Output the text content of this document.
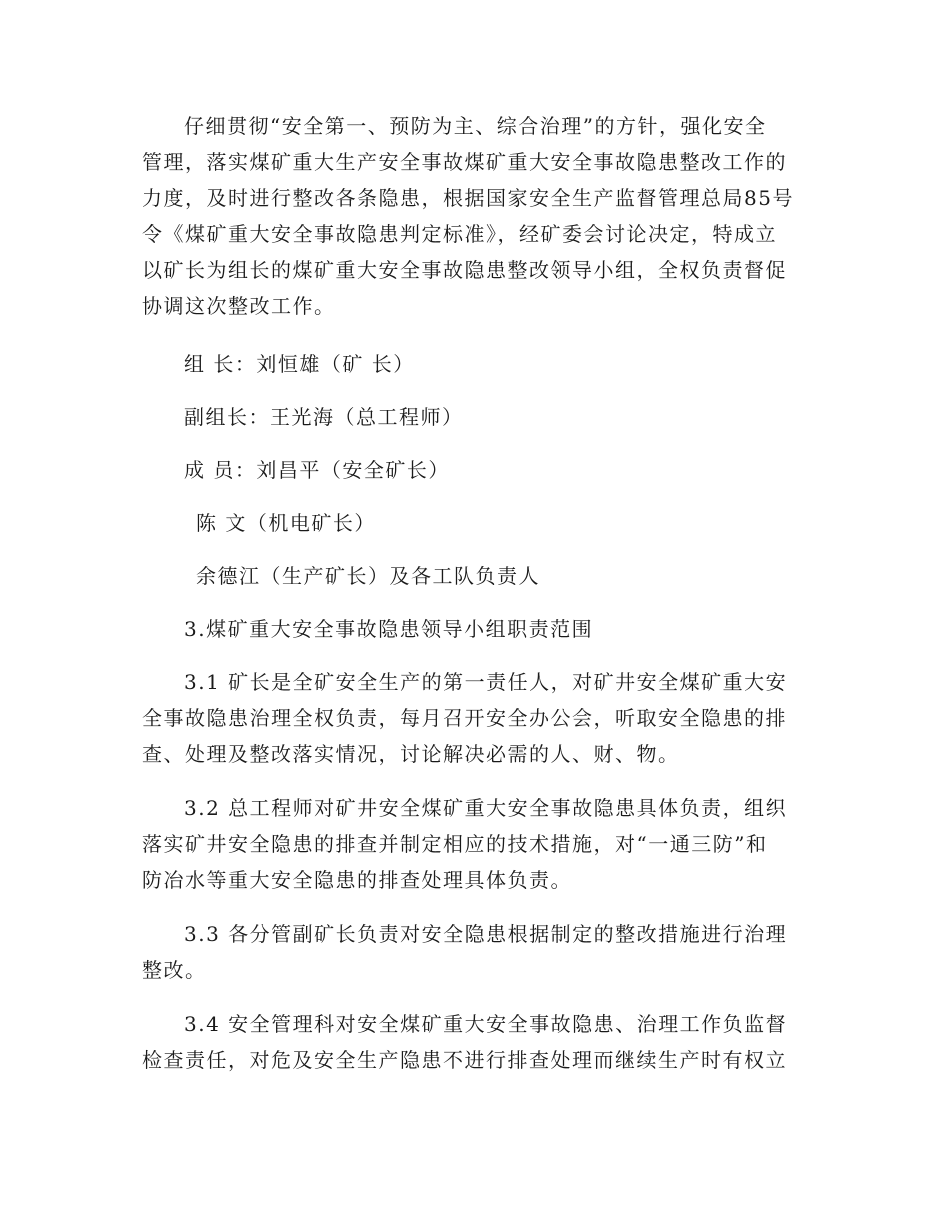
仔细贯彻“安全第一、预防为主、综合治理”的方针，强化安全
管理，落实煤矿重大生产安全事故煤矿重大安全事故隐患整改工作的
力度，及时进行整改各条隐患，根据国家安全生产监督管理总局85号
令《煤矿重大安全事故隐患判定标准》，经矿委会讨论决定，特成立
以矿长为组长的煤矿重大安全事故隐患整改领导小组，全权负责督促
协调这次整改工作。

组 长：刘恒雄（矿 长）

副组长：王光海（总工程师）

成 员：刘昌平（安全矿长）

陈 文（机电矿长）

余德江（生产矿长）及各工队负责人

3.煤矿重大安全事故隐患领导小组职责范围

3.1 矿长是全矿安全生产的第一责任人，对矿井安全煤矿重大安
全事故隐患治理全权负责，每月召开安全办公会，听取安全隐患的排
查、处理及整改落实情况，讨论解决必需的人、财、物。

3.2 总工程师对矿井安全煤矿重大安全事故隐患具体负责，组织
落实矿井安全隐患的排查并制定相应的技术措施，对“一通三防”和
防冶水等重大安全隐患的排查处理具体负责。

3.3 各分管副矿长负责对安全隐患根据制定的整改措施进行治理
整改。

3.4 安全管理科对安全煤矿重大安全事故隐患、治理工作负监督
检查责任，对危及安全生产隐患不进行排查处理而继续生产时有权立
